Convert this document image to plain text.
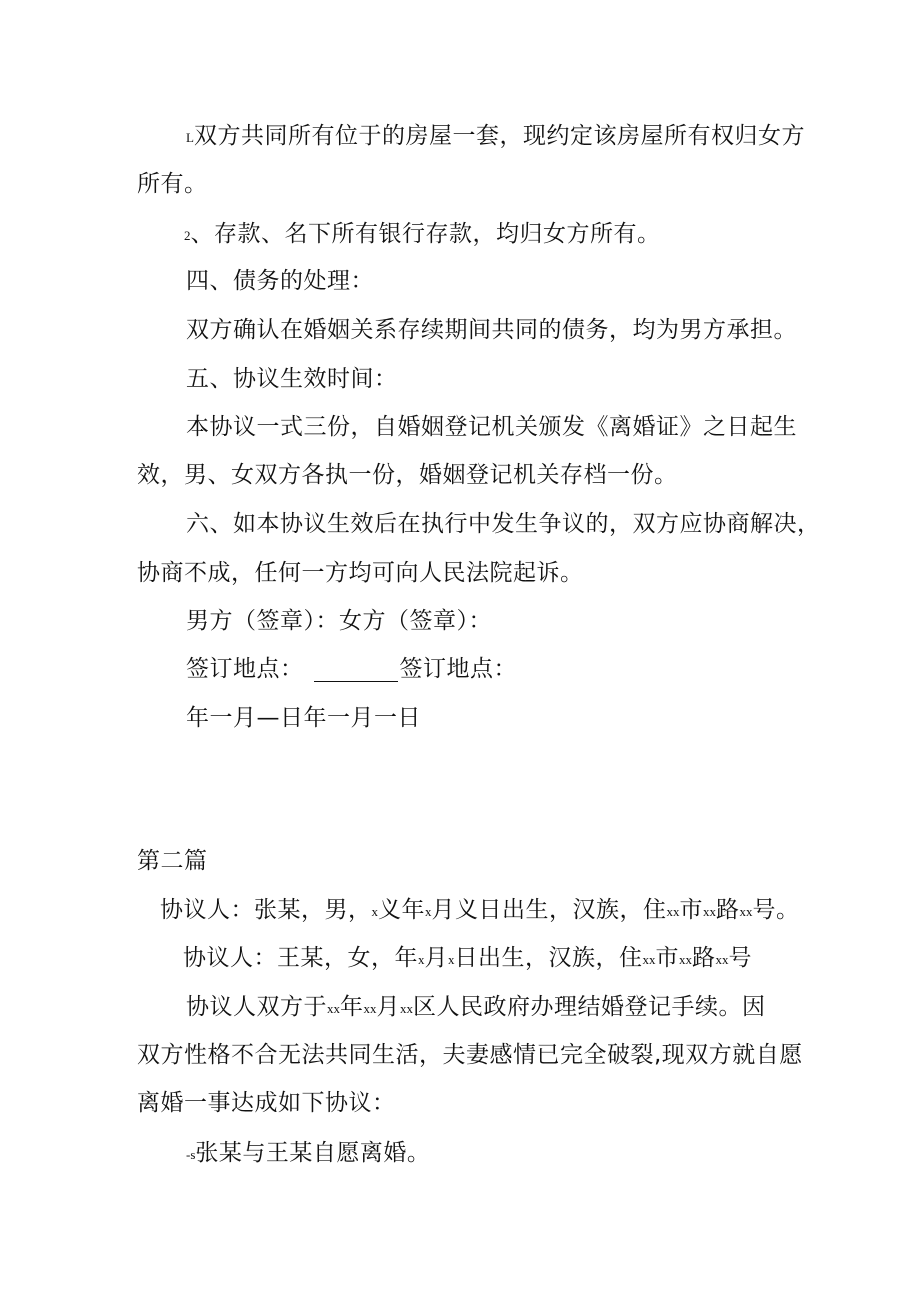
L双方共同所有位于的房屋一套，现约定该房屋所有权归女方
所有。
2、存款、名下所有银行存款，均归女方所有。
四、债务的处理：
双方确认在婚姻关系存续期间共同的债务，均为男方承担。
五、协议生效时间：
本协议一式三份，自婚姻登记机关颁发《离婚证》之日起生
效，男、女双方各执一份，婚姻登记机关存档一份。
六、如本协议生效后在执行中发生争议的，双方应协商解决，
协商不成，任何一方均可向人民法院起诉。
男方（签章）：女方（签章）：
签订地点：	签订地点：
年一月—日年一月一日
第二篇
协议人：张某，男，x义年x月义日出生，汉族，住xx市xx路xx号。
协议人：王某，女，年x月x日出生，汉族，住xx市xx路xx号
协议人双方于xx年xx月xx区人民政府办理结婚登记手续。因
双方性格不合无法共同生活，夫妻感情已完全破裂,现双方就自愿
离婚一事达成如下协议：
-s张某与王某自愿离婚。
